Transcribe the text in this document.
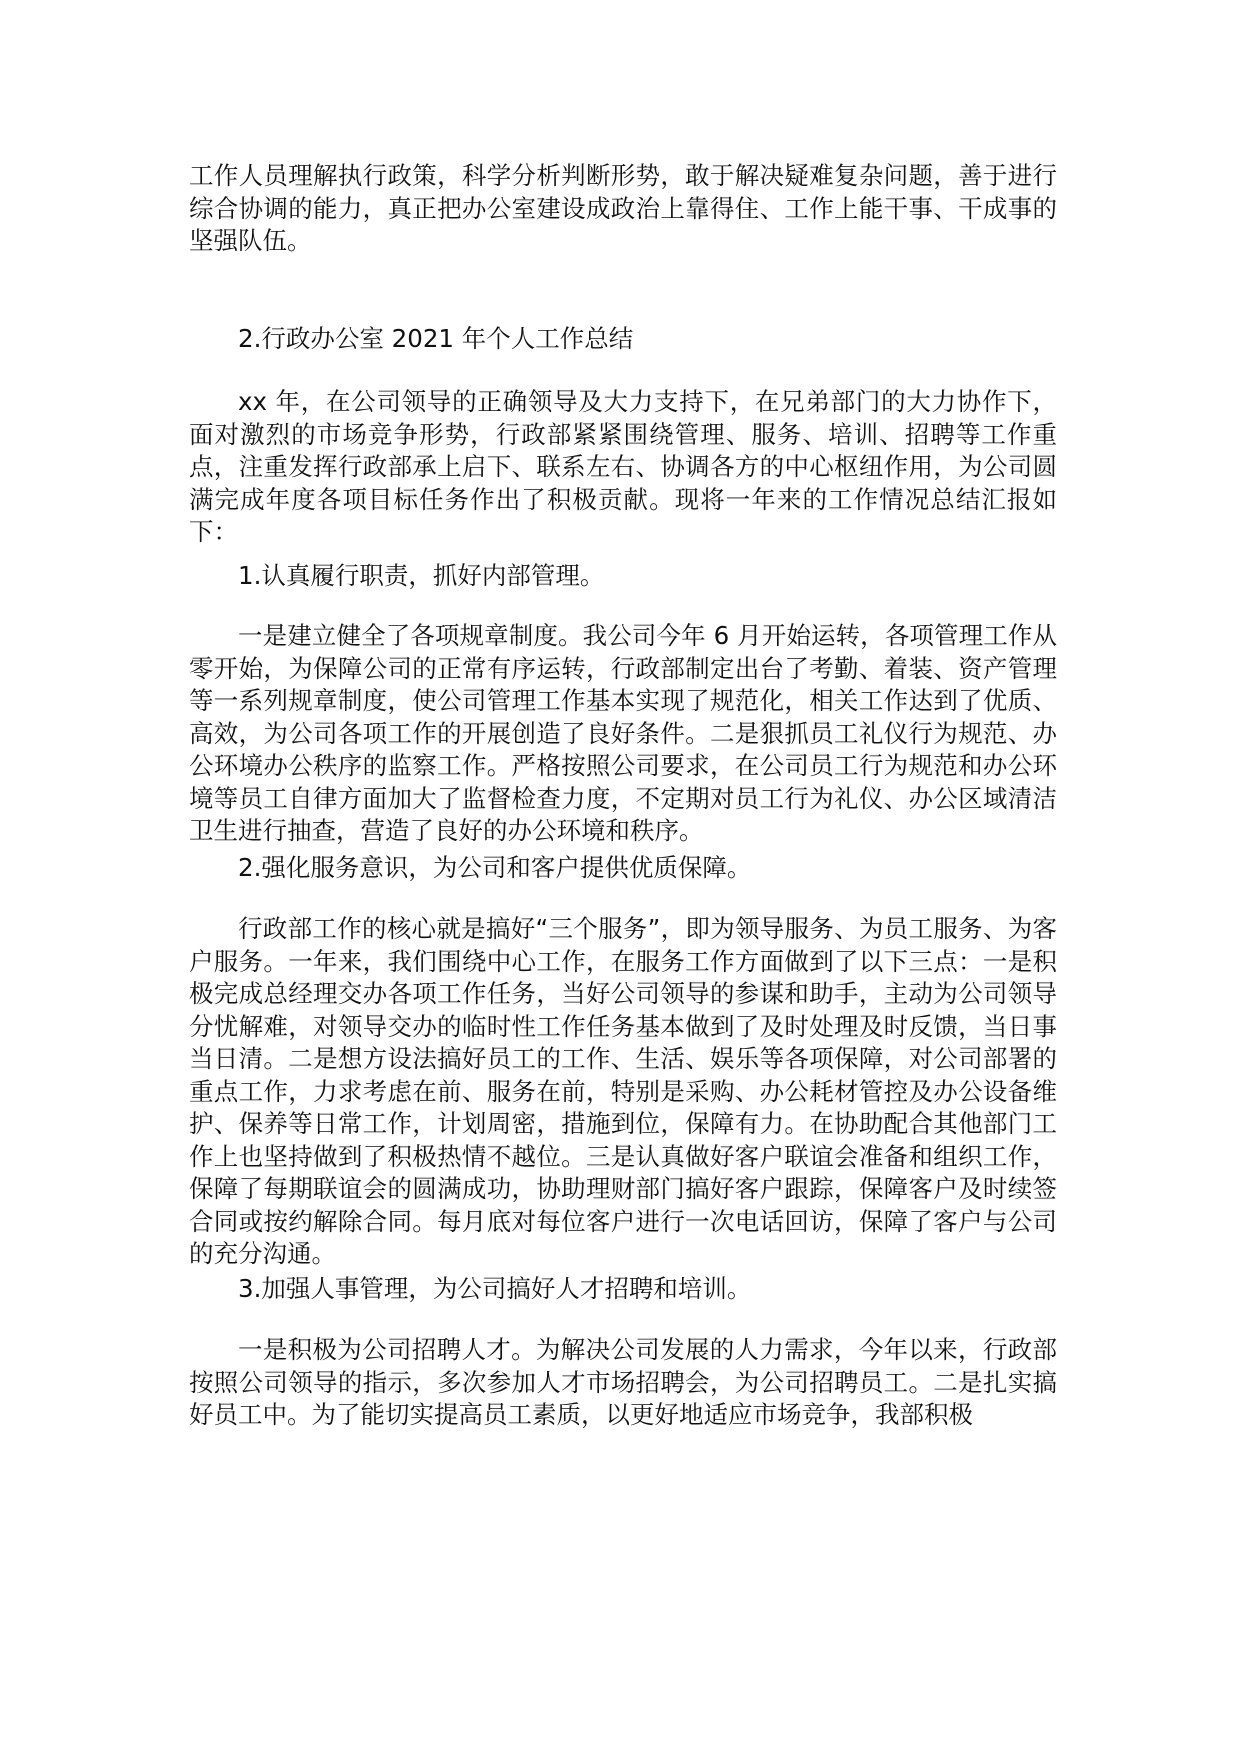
工作人员理解执行政策，科学分析判断形势，敢于解决疑难复杂问题，善于进行综合协调的能力，真正把办公室建设成政治上靠得住、工作上能干事、干成事的坚强队伍。

2.行政办公室 2021 年个人工作总结

xx 年，在公司领导的正确领导及大力支持下，在兄弟部门的大力协作下，面对激烈的市场竞争形势，行政部紧紧围绕管理、服务、培训、招聘等工作重点，注重发挥行政部承上启下、联系左右、协调各方的中心枢纽作用，为公司圆满完成年度各项目标任务作出了积极贡献。现将一年来的工作情况总结汇报如下：

1.认真履行职责，抓好内部管理。

一是建立健全了各项规章制度。我公司今年 6 月开始运转，各项管理工作从零开始，为保障公司的正常有序运转，行政部制定出台了考勤、着装、资产管理等一系列规章制度，使公司管理工作基本实现了规范化，相关工作达到了优质、高效，为公司各项工作的开展创造了良好条件。二是狠抓员工礼仪行为规范、办公环境办公秩序的监察工作。严格按照公司要求，在公司员工行为规范和办公环境等员工自律方面加大了监督检查力度，不定期对员工行为礼仪、办公区域清洁卫生进行抽查，营造了良好的办公环境和秩序。

2.强化服务意识，为公司和客户提供优质保障。

行政部工作的核心就是搞好“三个服务”，即为领导服务、为员工服务、为客户服务。一年来，我们围绕中心工作，在服务工作方面做到了以下三点：一是积极完成总经理交办各项工作任务，当好公司领导的参谋和助手，主动为公司领导分忧解难，对领导交办的临时性工作任务基本做到了及时处理及时反馈，当日事当日清。二是想方设法搞好员工的工作、生活、娱乐等各项保障，对公司部署的重点工作，力求考虑在前、服务在前，特别是采购、办公耗材管控及办公设备维护、保养等日常工作，计划周密，措施到位，保障有力。在协助配合其他部门工作上也坚持做到了积极热情不越位。三是认真做好客户联谊会准备和组织工作，保障了每期联谊会的圆满成功，协助理财部门搞好客户跟踪，保障客户及时续签合同或按约解除合同。每月底对每位客户进行一次电话回访，保障了客户与公司的充分沟通。

3.加强人事管理，为公司搞好人才招聘和培训。

一是积极为公司招聘人才。为解决公司发展的人力需求，今年以来，行政部按照公司领导的指示，多次参加人才市场招聘会，为公司招聘员工。二是扎实搞好员工中。为了能切实提高员工素质，以更好地适应市场竞争，我部积极
